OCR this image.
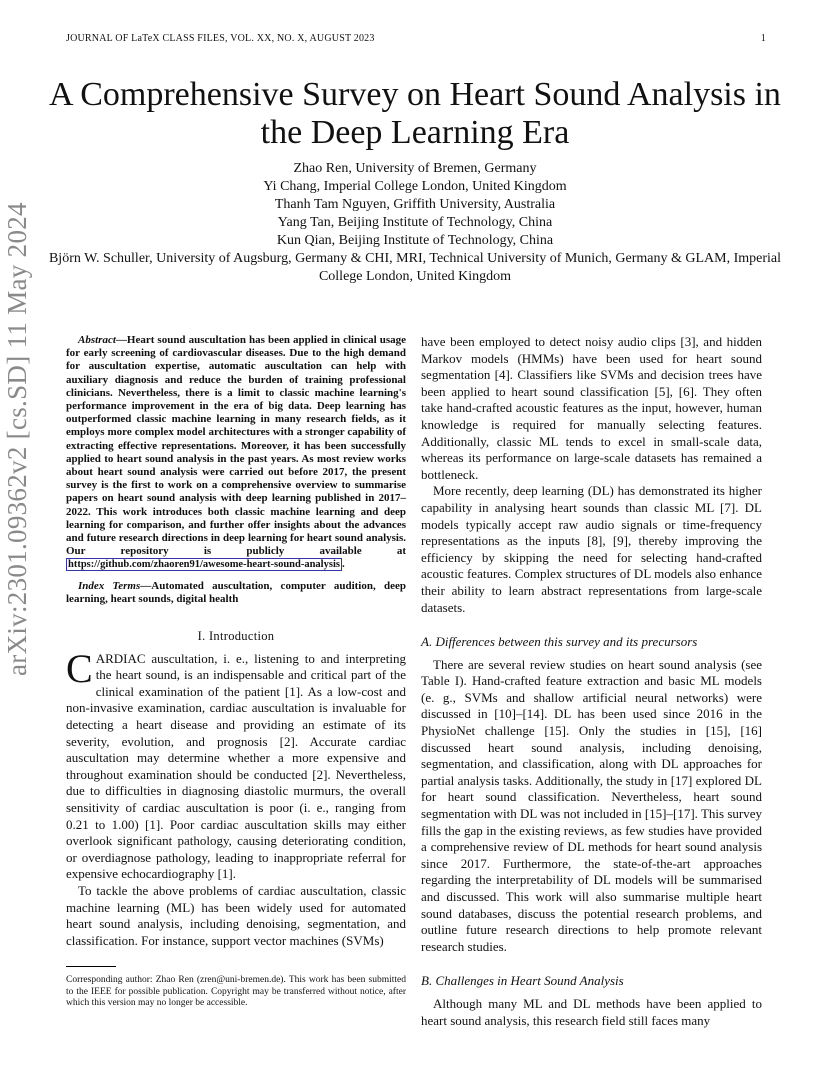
JOURNAL OF LaTeX CLASS FILES, VOL. XX, NO. X, AUGUST 2023	1
arXiv:2301.09362v2 [cs.SD] 11 May 2024
A Comprehensive Survey on Heart Sound Analysis in the Deep Learning Era
Zhao Ren, University of Bremen, Germany
Yi Chang, Imperial College London, United Kingdom
Thanh Tam Nguyen, Griffith University, Australia
Yang Tan, Beijing Institute of Technology, China
Kun Qian, Beijing Institute of Technology, China
Björn W. Schuller, University of Augsburg, Germany & CHI, MRI, Technical University of Munich, Germany & GLAM, Imperial College London, United Kingdom

Abstract—Heart sound auscultation has been applied in clinical usage for early screening of cardiovascular diseases. Due to the high demand for auscultation expertise, automatic auscultation can help with auxiliary diagnosis and reduce the burden of training professional clinicians. Nevertheless, there is a limit to classic machine learning's performance improvement in the era of big data. Deep learning has outperformed classic machine learning in many research fields, as it employs more complex model architectures with a stronger capability of extracting effective representations. Moreover, it has been successfully applied to heart sound analysis in the past years. As most review works about heart sound analysis were carried out before 2017, the present survey is the first to work on a comprehensive overview to summarise papers on heart sound analysis with deep learning published in 2017–2022. This work introduces both classic machine learning and deep learning for comparison, and further offer insights about the advances and future research directions in deep learning for heart sound analysis. Our repository is publicly available at https://github.com/zhaoren91/awesome-heart-sound-analysis .

Index Terms—Automated auscultation, computer audition, deep learning, heart sounds, digital health

I. Introduction

CARDIAC auscultation, i. e., listening to and interpreting the heart sound, is an indispensable and critical part of the clinical examination of the patient [1]. As a low-cost and non-invasive examination, cardiac auscultation is invaluable for detecting a heart disease and providing an estimate of its severity, evolution, and prognosis [2]. Accurate cardiac auscultation may determine whether a more expensive and throughout examination should be conducted [2]. Nevertheless, due to difficulties in diagnosing diastolic murmurs, the overall sensitivity of cardiac auscultation is poor (i. e., ranging from 0.21 to 1.00) [1]. Poor cardiac auscultation skills may either overlook significant pathology, causing deteriorating condition, or overdiagnose pathology, leading to inappropriate referral for expensive echocardiography [1].

To tackle the above problems of cardiac auscultation, classic machine learning (ML) has been widely used for automated heart sound analysis, including denoising, segmentation, and classification. For instance, support vector machines (SVMs)

Corresponding author: Zhao Ren (zren@uni-bremen.de). This work has been submitted to the IEEE for possible publication. Copyright may be transferred without notice, after which this version may no longer be accessible.

have been employed to detect noisy audio clips [3], and hidden Markov models (HMMs) have been used for heart sound segmentation [4]. Classifiers like SVMs and decision trees have been applied to heart sound classification [5], [6]. They often take hand-crafted acoustic features as the input, however, human knowledge is required for manually selecting features. Additionally, classic ML tends to excel in small-scale data, whereas its performance on large-scale datasets has remained a bottleneck.

More recently, deep learning (DL) has demonstrated its higher capability in analysing heart sounds than classic ML [7]. DL models typically accept raw audio signals or time-frequency representations as the inputs [8], [9], thereby improving the efficiency by skipping the need for selecting hand-crafted acoustic features. Complex structures of DL models also enhance their ability to learn abstract representations from large-scale datasets.

A. Differences between this survey and its precursors

There are several review studies on heart sound analysis (see Table I). Hand-crafted feature extraction and basic ML models (e. g., SVMs and shallow artificial neural networks) were discussed in [10]–[14]. DL has been used since 2016 in the PhysioNet challenge [15]. Only the studies in [15], [16] discussed heart sound analysis, including denoising, segmentation, and classification, along with DL approaches for partial analysis tasks. Additionally, the study in [17] explored DL for heart sound classification. Nevertheless, heart sound segmentation with DL was not included in [15]–[17]. This survey fills the gap in the existing reviews, as few studies have provided a comprehensive review of DL methods for heart sound analysis since 2017. Furthermore, the state-of-the-art approaches regarding the interpretability of DL models will be summarised and discussed. This work will also summarise multiple heart sound databases, discuss the potential research problems, and outline future research directions to help promote relevant research studies.

B. Challenges in Heart Sound Analysis

Although many ML and DL methods have been applied to heart sound analysis, this research field still faces many
